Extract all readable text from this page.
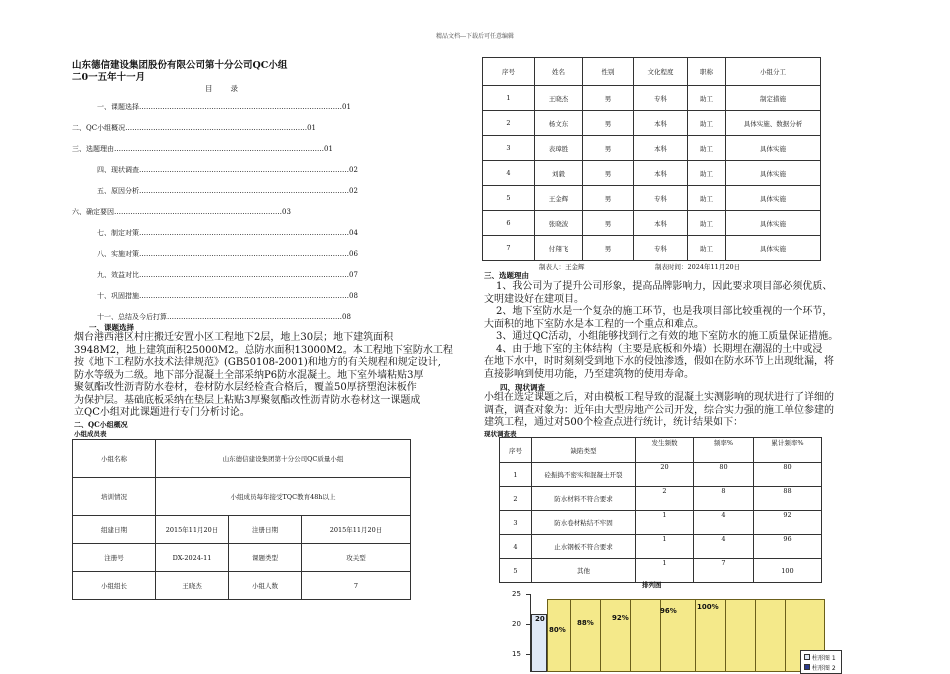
精品文档---下载后可任意编辑
山东德信建设集团股份有限公司第十分公司QC小组
二0一五年十一月
目录
一、课题选择……………………………………………………………………………01
二、QC小组概况……………………………………………………………………01
三、选题理由………………………………………………………………………………01
四、现状调查………………………………………………………………………………02
五、原因分析………………………………………………………………………………02
六、确定要因………………………………………………………………03
七、制定对策………………………………………………………………………………04
八、实施对策………………………………………………………………………………06
九、效益对比………………………………………………………………………………07
十、巩固措施………………………………………………………………………………08
十一、总结及今后打算…………………………………………………………………08
一、课题选择
烟台港西港区村庄搬迁安置小区工程地下2层，地上30层；地下建筑面积
3948M2，地上建筑面积25000M2。总防水面积13000M2。本工程地下室防水工程
按《地下工程防水技术法律规范》(GB50108-2001)和地方的有关规程和规定设计,
防水等级为二级。地下部分混凝土全部采纳P6防水混凝土。地下室外墙粘贴3厚
聚氨酯改性沥青防水卷材，卷材防水层经检查合格后，覆盖50厚挤塑泡沫板作
为保护层。基础底板采纳在垫层上粘贴3厚聚氨酯改性沥青防水卷材这一课题成
立QC小组对此课题进行专门分析讨论。
二、QC小组概况
小组成员表
小组名称	山东德信建设集团第十分公司QC质量小组		
培训情况	小组成员每年接受TQC教育48h以上		
组建日期	2015年11月20日	注册日期	2015年11月20日
注册号	DX-2024-11	课题类型	攻关型
小组组长	王晓杰	小组人数	7
序号	姓名	性别	文化程度	职称	小组分工
1	王晓杰	男	专科	助工	制定措施
2	杨文东	男	本科	助工	具体实施、数据分析
3	表璋胜	男	本科	助工	具体实施
4	刘毅	男	本科	助工	具体实施
5	王金辉	男	专科	助工	具体实施
6	张晓波	男	本科	助工	具体实施
7	付翔飞	男	专科	助工	具体实施
制表人：王金辉	制表时间：2024年11月20日
三、选题理由
1、我公司为了提升公司形象，提高品牌影响力，因此要求项目部必须优质、
文明建设好在建项目。
2、地下室防水是一个复杂的施工环节，也是我项目部比较重视的一个环节，
大面积的地下室防水是本工程的一个重点和难点。
3、通过QC活动，小组能够找到行之有效的地下室防水的施工质量保证措施。
4、由于地下室的主体结构（主要是底板和外墙）长期埋在潮湿的土中或浸
在地下水中，时时刻刻受到地下水的侵蚀渗透，假如在防水环节上出现纰漏，将
直接影响到使用功能，乃至建筑物的使用寿命。
四、现状调查
小组在选定课题之后，对由模板工程导致的混凝土实测影响的现状进行了详细的
调查，调查对象为：近年由大型房地产公司开发，综合实力强的施工单位参建的
建筑工程，通过对500个检查点进行统计，统计结果如下：
现状调查表
序号	缺陷类型	发生频数	频率%	累计频率%
1	砼振捣不密实和混凝土开裂	20	80	80
2	防水材料不符合要求	2	8	88
3	防水卷材粘结不牢固	1	4	92
4	止水钢板不符合要求	1	4	96
5	其他	1	7	100
排列图
25
20
15
20
80%
88%
92%
96%	100%
柱形图 1
柱形图 2
